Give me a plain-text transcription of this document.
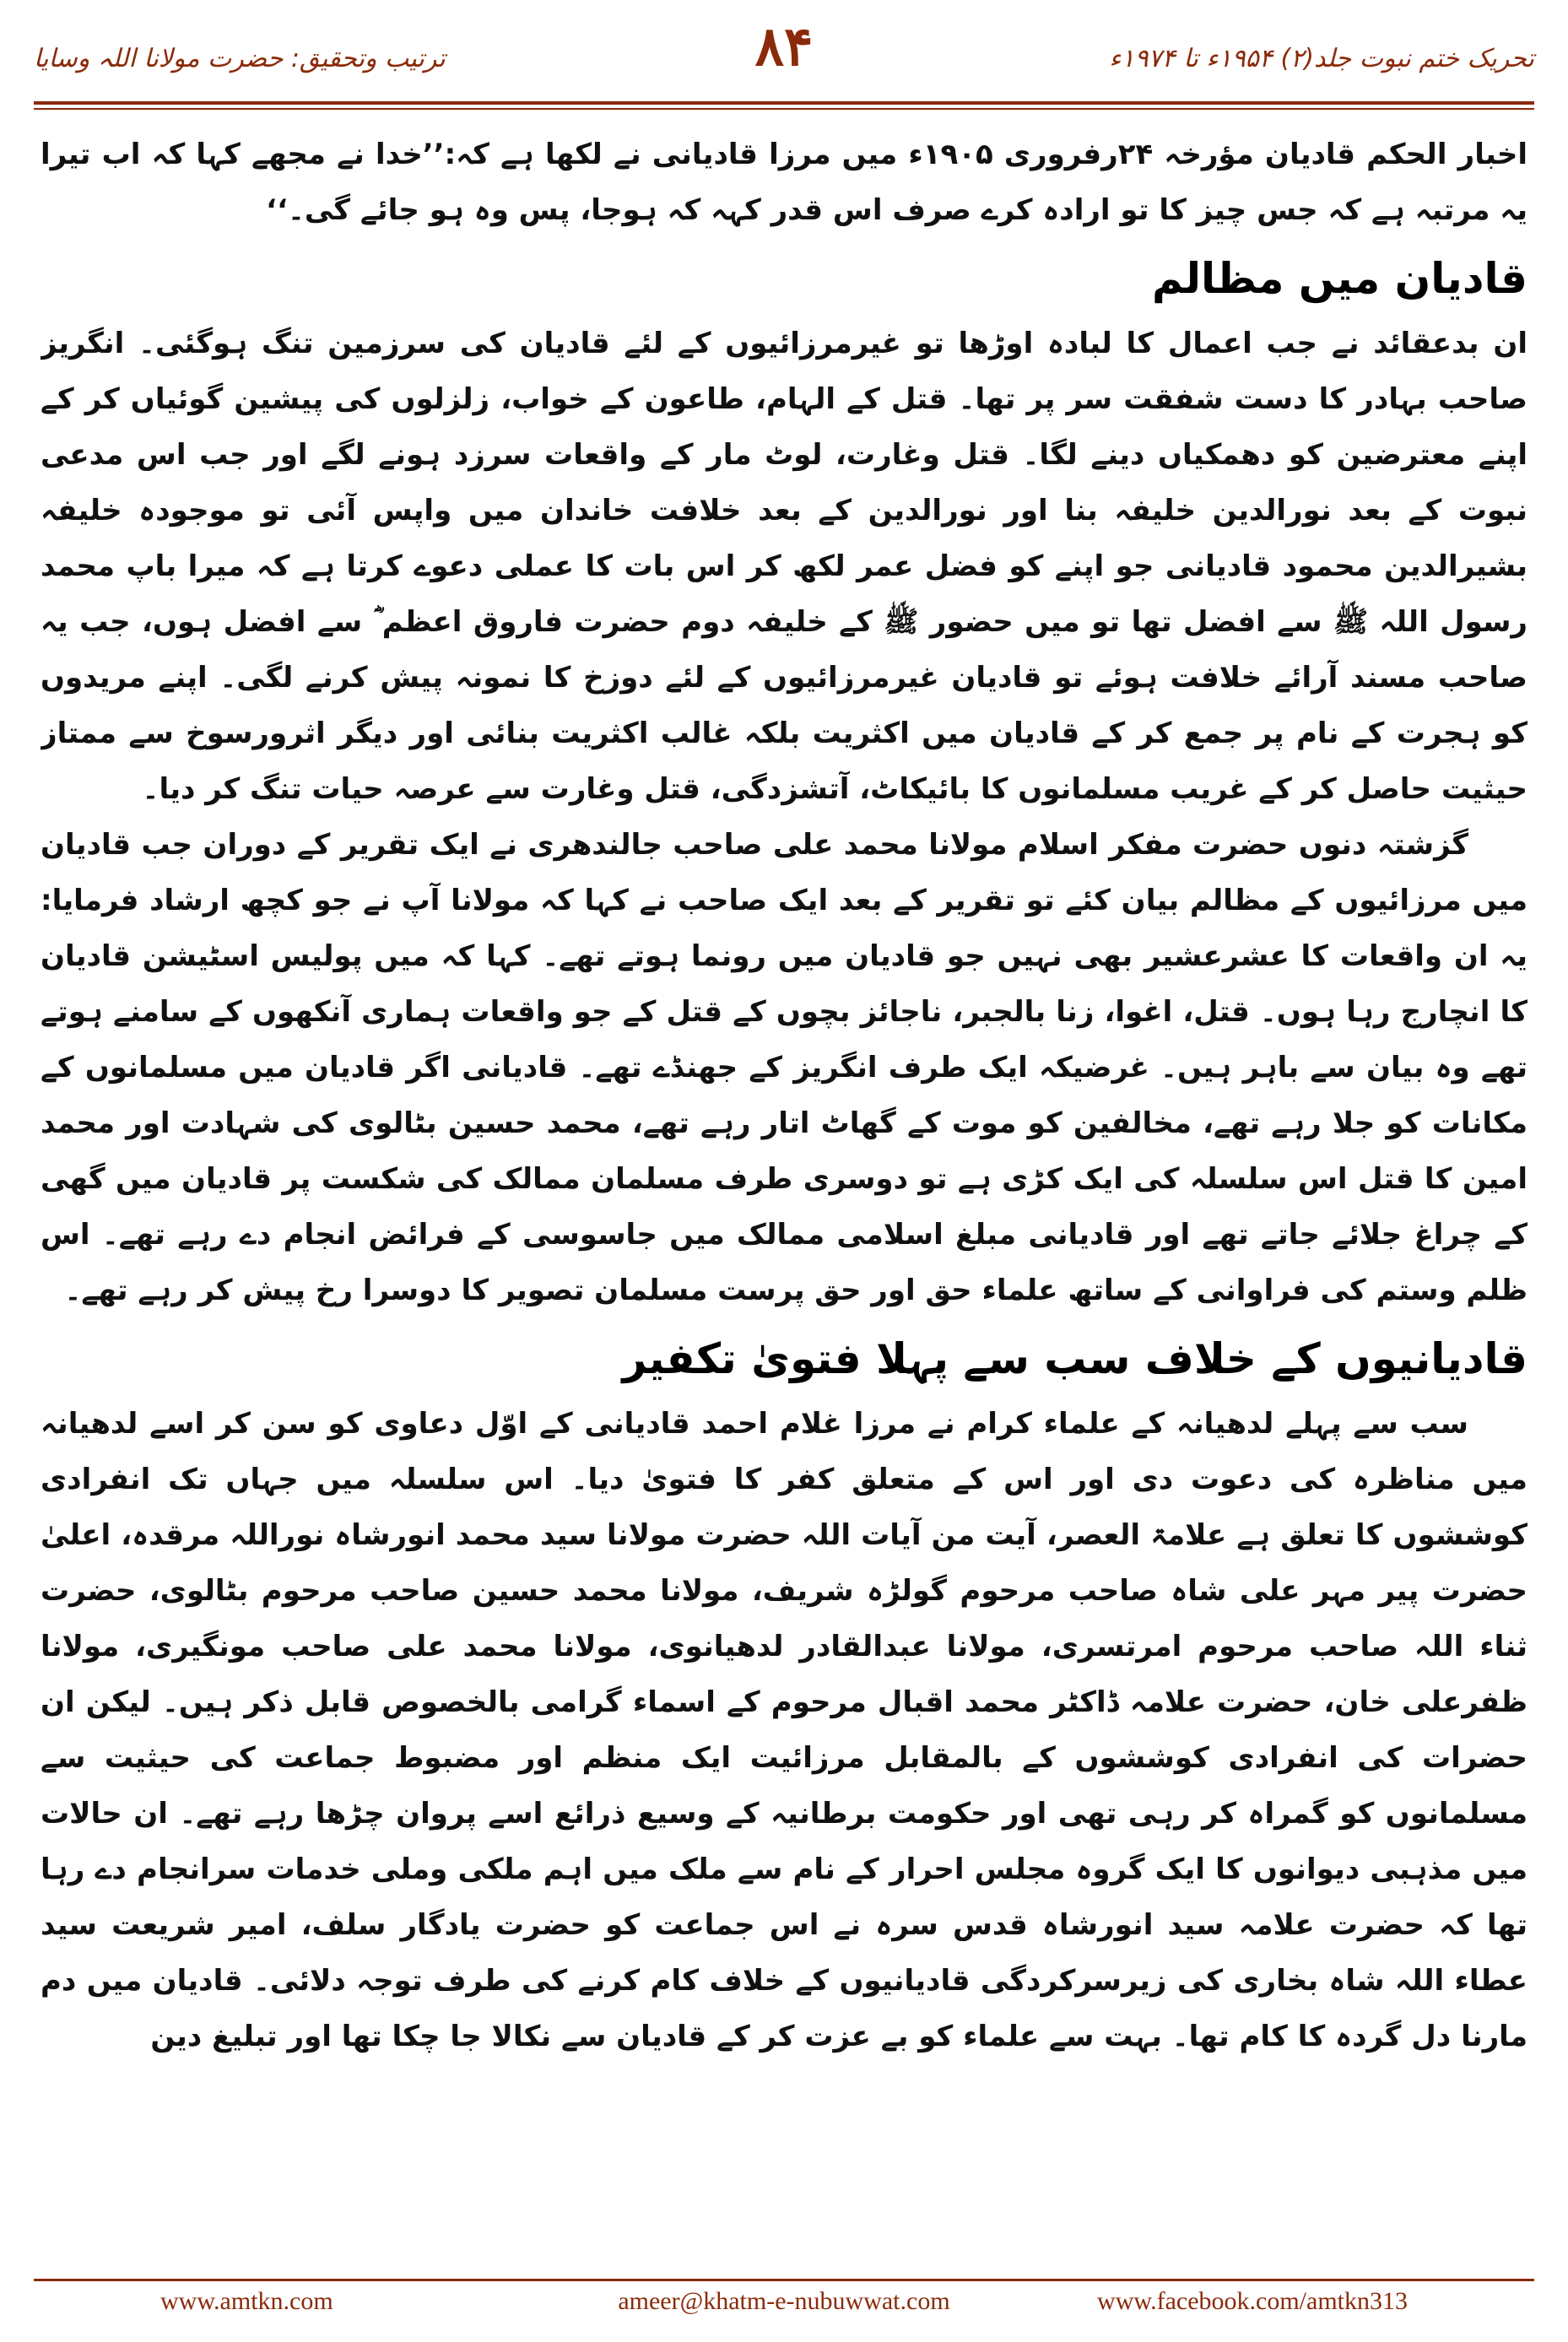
تحریک ختم نبوت جلد(۲) ۱۹۵۴ء تا ۱۹۷۴ء
۸۴
ترتیب وتحقیق: حضرت مولانا اللہ وسایا

اخبار الحکم قادیان مؤرخہ ۲۴رفروری ۱۹۰۵ء میں مرزا قادیانی نے لکھا ہے کہ:’’خدا نے مجھے کہا کہ اب تیرا یہ مرتبہ ہے کہ جس چیز کا تو ارادہ کرے صرف اس قدر کہہ کہ ہوجا، پس وہ ہو جائے گی۔‘‘

قادیان میں مظالم

ان بدعقائد نے جب اعمال کا لبادہ اوڑھا تو غیرمرزائیوں کے لئے قادیان کی سرزمین تنگ ہوگئی۔ انگریز صاحب بہادر کا دست شفقت سر پر تھا۔ قتل کے الہام، طاعون کے خواب، زلزلوں کی پیشین گوئیاں کر کے اپنے معترضین کو دھمکیاں دینے لگا۔ قتل وغارت، لوٹ مار کے واقعات سرزد ہونے لگے اور جب اس مدعی نبوت کے بعد نورالدین خلیفہ بنا اور نورالدین کے بعد خلافت خاندان میں واپس آئی تو موجودہ خلیفہ بشیرالدین محمود قادیانی جو اپنے کو فضل عمر لکھ کر اس بات کا عملی دعوے کرتا ہے کہ میرا باپ محمد رسول اللہ ﷺ سے افضل تھا تو میں حضور ﷺ کے خلیفہ دوم حضرت فاروق اعظم ؓ سے افضل ہوں، جب یہ صاحب مسند آرائے خلافت ہوئے تو قادیان غیرمرزائیوں کے لئے دوزخ کا نمونہ پیش کرنے لگی۔ اپنے مریدوں کو ہجرت کے نام پر جمع کر کے قادیان میں اکثریت بلکہ غالب اکثریت بنائی اور دیگر اثرورسوخ سے ممتاز حیثیت حاصل کر کے غریب مسلمانوں کا بائیکاٹ، آتشزدگی، قتل وغارت سے عرصہ حیات تنگ کر دیا۔

گزشتہ دنوں حضرت مفکر اسلام مولانا محمد علی صاحب جالندھری نے ایک تقریر کے دوران جب قادیان میں مرزائیوں کے مظالم بیان کئے تو تقریر کے بعد ایک صاحب نے کہا کہ مولانا آپ نے جو کچھ ارشاد فرمایا: یہ ان واقعات کا عشرعشیر بھی نہیں جو قادیان میں رونما ہوتے تھے۔ کہا کہ میں پولیس اسٹیشن قادیان کا انچارج رہا ہوں۔ قتل، اغوا، زنا بالجبر، ناجائز بچوں کے قتل کے جو واقعات ہماری آنکھوں کے سامنے ہوتے تھے وہ بیان سے باہر ہیں۔ غرضیکہ ایک طرف انگریز کے جھنڈے تھے۔ قادیانی اگر قادیان میں مسلمانوں کے مکانات کو جلا رہے تھے، مخالفین کو موت کے گھاٹ اتار رہے تھے، محمد حسین بٹالوی کی شہادت اور محمد امین کا قتل اس سلسلہ کی ایک کڑی ہے تو دوسری طرف مسلمان ممالک کی شکست پر قادیان میں گھی کے چراغ جلائے جاتے تھے اور قادیانی مبلغ اسلامی ممالک میں جاسوسی کے فرائض انجام دے رہے تھے۔ اس ظلم وستم کی فراوانی کے ساتھ علماء حق اور حق پرست مسلمان تصویر کا دوسرا رخ پیش کر رہے تھے۔

قادیانیوں کے خلاف سب سے پہلا فتویٰ تکفیر

سب سے پہلے لدھیانہ کے علماء کرام نے مرزا غلام احمد قادیانی کے اوّل دعاوی کو سن کر اسے لدھیانہ میں مناظرہ کی دعوت دی اور اس کے متعلق کفر کا فتویٰ دیا۔ اس سلسلہ میں جہاں تک انفرادی کوششوں کا تعلق ہے علامۃ العصر، آیت من آیات اللہ حضرت مولانا سید محمد انورشاہ نوراللہ مرقدہ، اعلیٰ حضرت پیر مہر علی شاہ صاحب مرحوم گولڑہ شریف، مولانا محمد حسین صاحب مرحوم بٹالوی، حضرت ثناء اللہ صاحب مرحوم امرتسری، مولانا عبدالقادر لدھیانوی، مولانا محمد علی صاحب مونگیری، مولانا ظفرعلی خان، حضرت علامہ ڈاکٹر محمد اقبال مرحوم کے اسماء گرامی بالخصوص قابل ذکر ہیں۔ لیکن ان حضرات کی انفرادی کوششوں کے بالمقابل مرزائیت ایک منظم اور مضبوط جماعت کی حیثیت سے مسلمانوں کو گمراہ کر رہی تھی اور حکومت برطانیہ کے وسیع ذرائع اسے پروان چڑھا رہے تھے۔ ان حالات میں مذہبی دیوانوں کا ایک گروہ مجلس احرار کے نام سے ملک میں اہم ملکی وملی خدمات سرانجام دے رہا تھا کہ حضرت علامہ سید انورشاہ قدس سرہ نے اس جماعت کو حضرت یادگار سلف، امیر شریعت سید عطاء اللہ شاہ بخاری کی زیرسرکردگی قادیانیوں کے خلاف کام کرنے کی طرف توجہ دلائی۔ قادیان میں دم مارنا دل گردہ کا کام تھا۔ بہت سے علماء کو بے عزت کر کے قادیان سے نکالا جا چکا تھا اور تبلیغ دین

www.amtkn.com	ameer@khatm-e-nubuwwat.com	www.facebook.com/amtkn313
